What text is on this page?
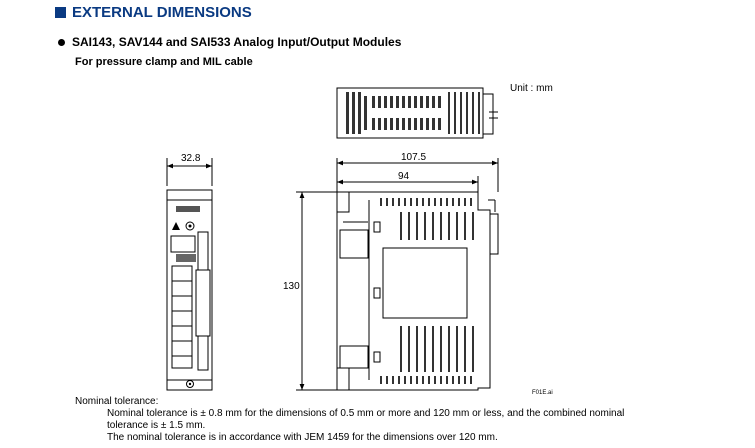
EXTERNAL DIMENSIONS
SAI143, SAV144 and SAI533 Analog Input/Output Modules
For pressure clamp and MIL cable
Unit : mm
32.8	107.5
94
130
F01E.ai
Nominal tolerance:
Nominal tolerance is ± 0.8 mm for the dimensions of 0.5 mm or more and 120 mm or less, and the combined nominal
tolerance is ± 1.5 mm.
The nominal tolerance is in accordance with JEM 1459 for the dimensions over 120 mm.
